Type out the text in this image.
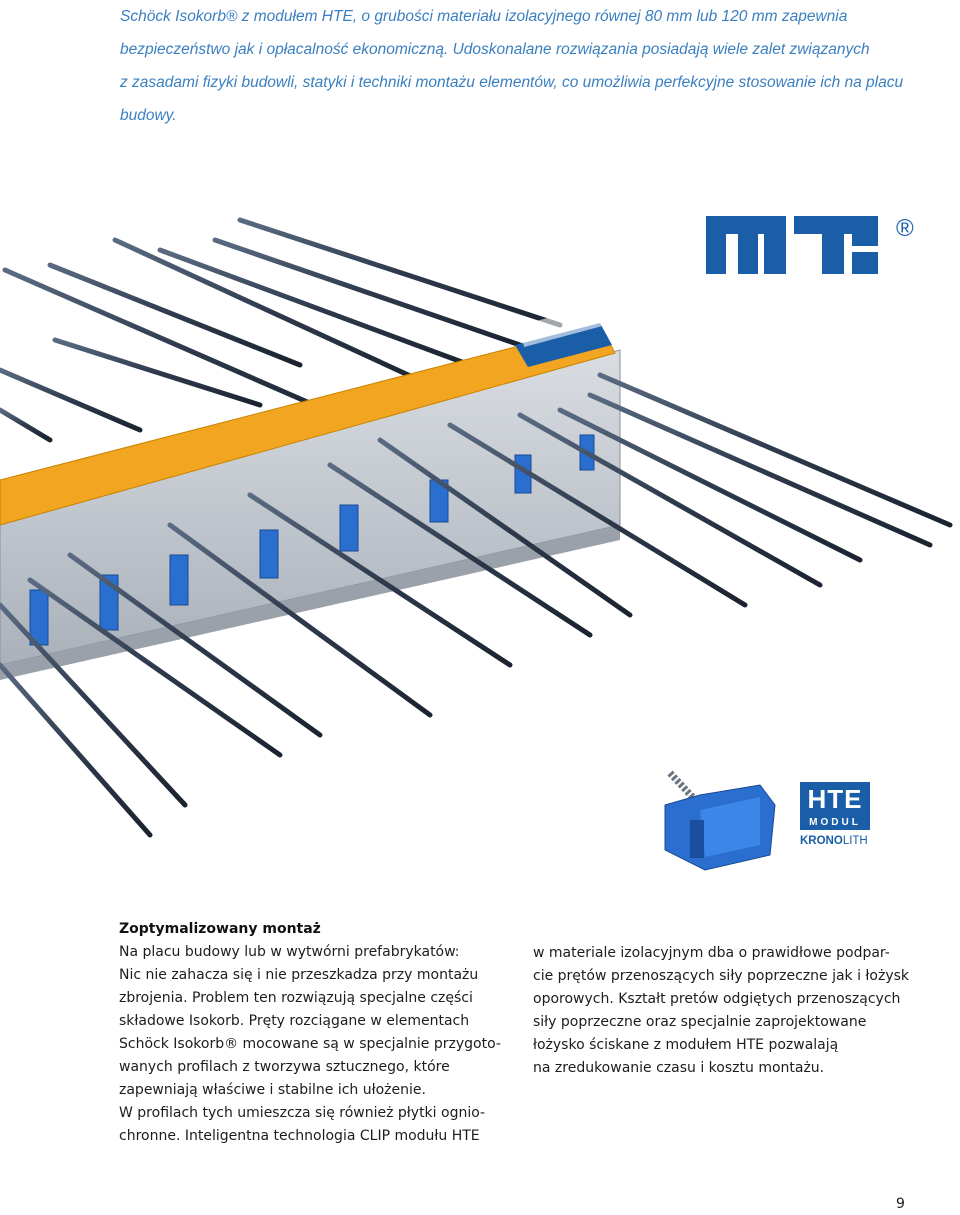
Schöck Isokorb® z modułem HTE, o grubości materiału izolacyjnego równej 80 mm lub 120 mm zapewnia

bezpieczeństwo jak i opłacalność ekonomiczną. Udoskonalane rozwiązania posiadają wiele zalet związanych

z zasadami fizyki budowli, statyki i techniki montażu elementów, co umożliwia perfekcyjne stosowanie ich na placu

budowy.

®
HTE
MODUL
KRONOLITH

Zoptymalizowany montaż

Na placu budowy lub w wytwórni prefabrykatów:

Nic nie zahacza się i nie przeszkadza przy montażu

zbrojenia. Problem ten rozwiązują specjalne części

składowe Isokorb. Pręty rozciągane w elementach

Schöck Isokorb® mocowane są w specjalnie przygoto-

wanych profilach z tworzywa sztucznego, które

zapewniają właściwe i stabilne ich ułożenie.

W profilach tych umieszcza się również płytki ognio-

chronne. Inteligentna technologia CLIP modułu HTE

w materiale izolacyjnym dba o prawidłowe podpar-

cie prętów przenoszących siły poprzeczne jak i łożysk

oporowych. Kształt pretów odgiętych przenoszących

siły poprzeczne oraz specjalnie zaprojektowane

łożysko ściskane z modułem HTE pozwalają

na zredukowanie czasu i kosztu montażu.

9
